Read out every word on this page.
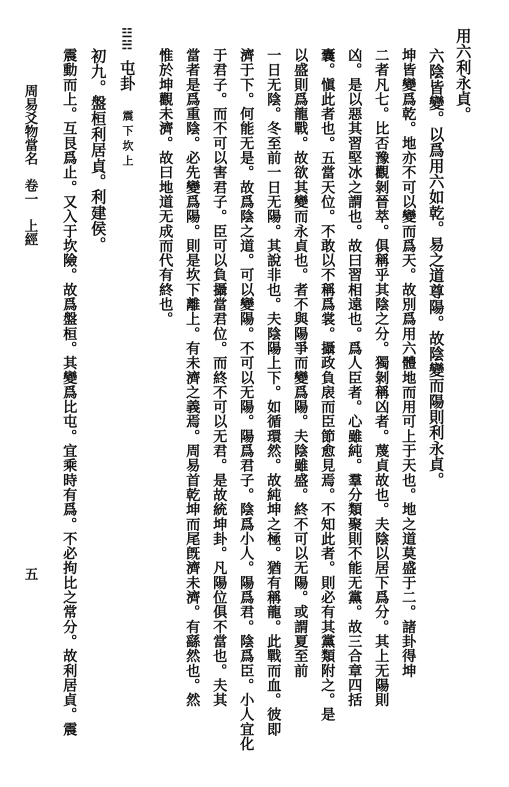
周易爻物當名　卷一　上經
五
用六利永貞。
六陰皆變。以爲用六如乾。易之道尊陽。故陰變而陽則利永貞。
坤皆變爲乾。地亦不可以變而爲天。故別爲用六體地而用可上于天也。地之道莫盛于二。諸卦得坤
二者凡七。比否豫觀剝晉萃。俱稱乎其陰之分。獨剝稱凶者。蔑貞故也。夫陰以居下爲分。其上无陽則
凶。是以惡其習堅冰之謂也。故曰習相遠也。爲人臣者。心雖純。羣分類聚則不能无黨。故三合章四括
囊。愼此者也。五當天位。不敢以不稱爲裳。攝政負扆而臣節愈見焉。不知此者。則必有其黨類附之。是
以盛則爲龍戰。故欲其變而永貞也。者不與陽爭而變爲陽。夫陰雖盛。終不可以无陽。或謂夏至前
一日无陰。冬至前一日无陽。其說非也。夫陰陽上下。如循環然。故純坤之極。猶有稱龍。此戰而血。彼即
濟于下。何能无是。故爲陰之道。可以變陽。不可以无陽。陽爲君子。陰爲小人。陽爲君。陰爲臣。小人宜化
于君子。而不可以害君子。臣可以負攝當君位。而終不可以无君。是故統坤卦。凡陽位俱不當也。夫其
當者是爲重陰。必先變爲陽。則是坎下離上。有未濟之義焉。周易首乾坤而尾旣濟未濟。有繇然也。然
惟於坤觀未濟。故曰地道无成而代有終也。
☳☵
屯卦
震下坎上
初九。盤桓利居貞。利建侯。
震動而上。互艮爲止。又入于坎險。故爲盤桓。其變爲比屯。宜乘時有爲。不必拘比之常分。故利居貞。震
